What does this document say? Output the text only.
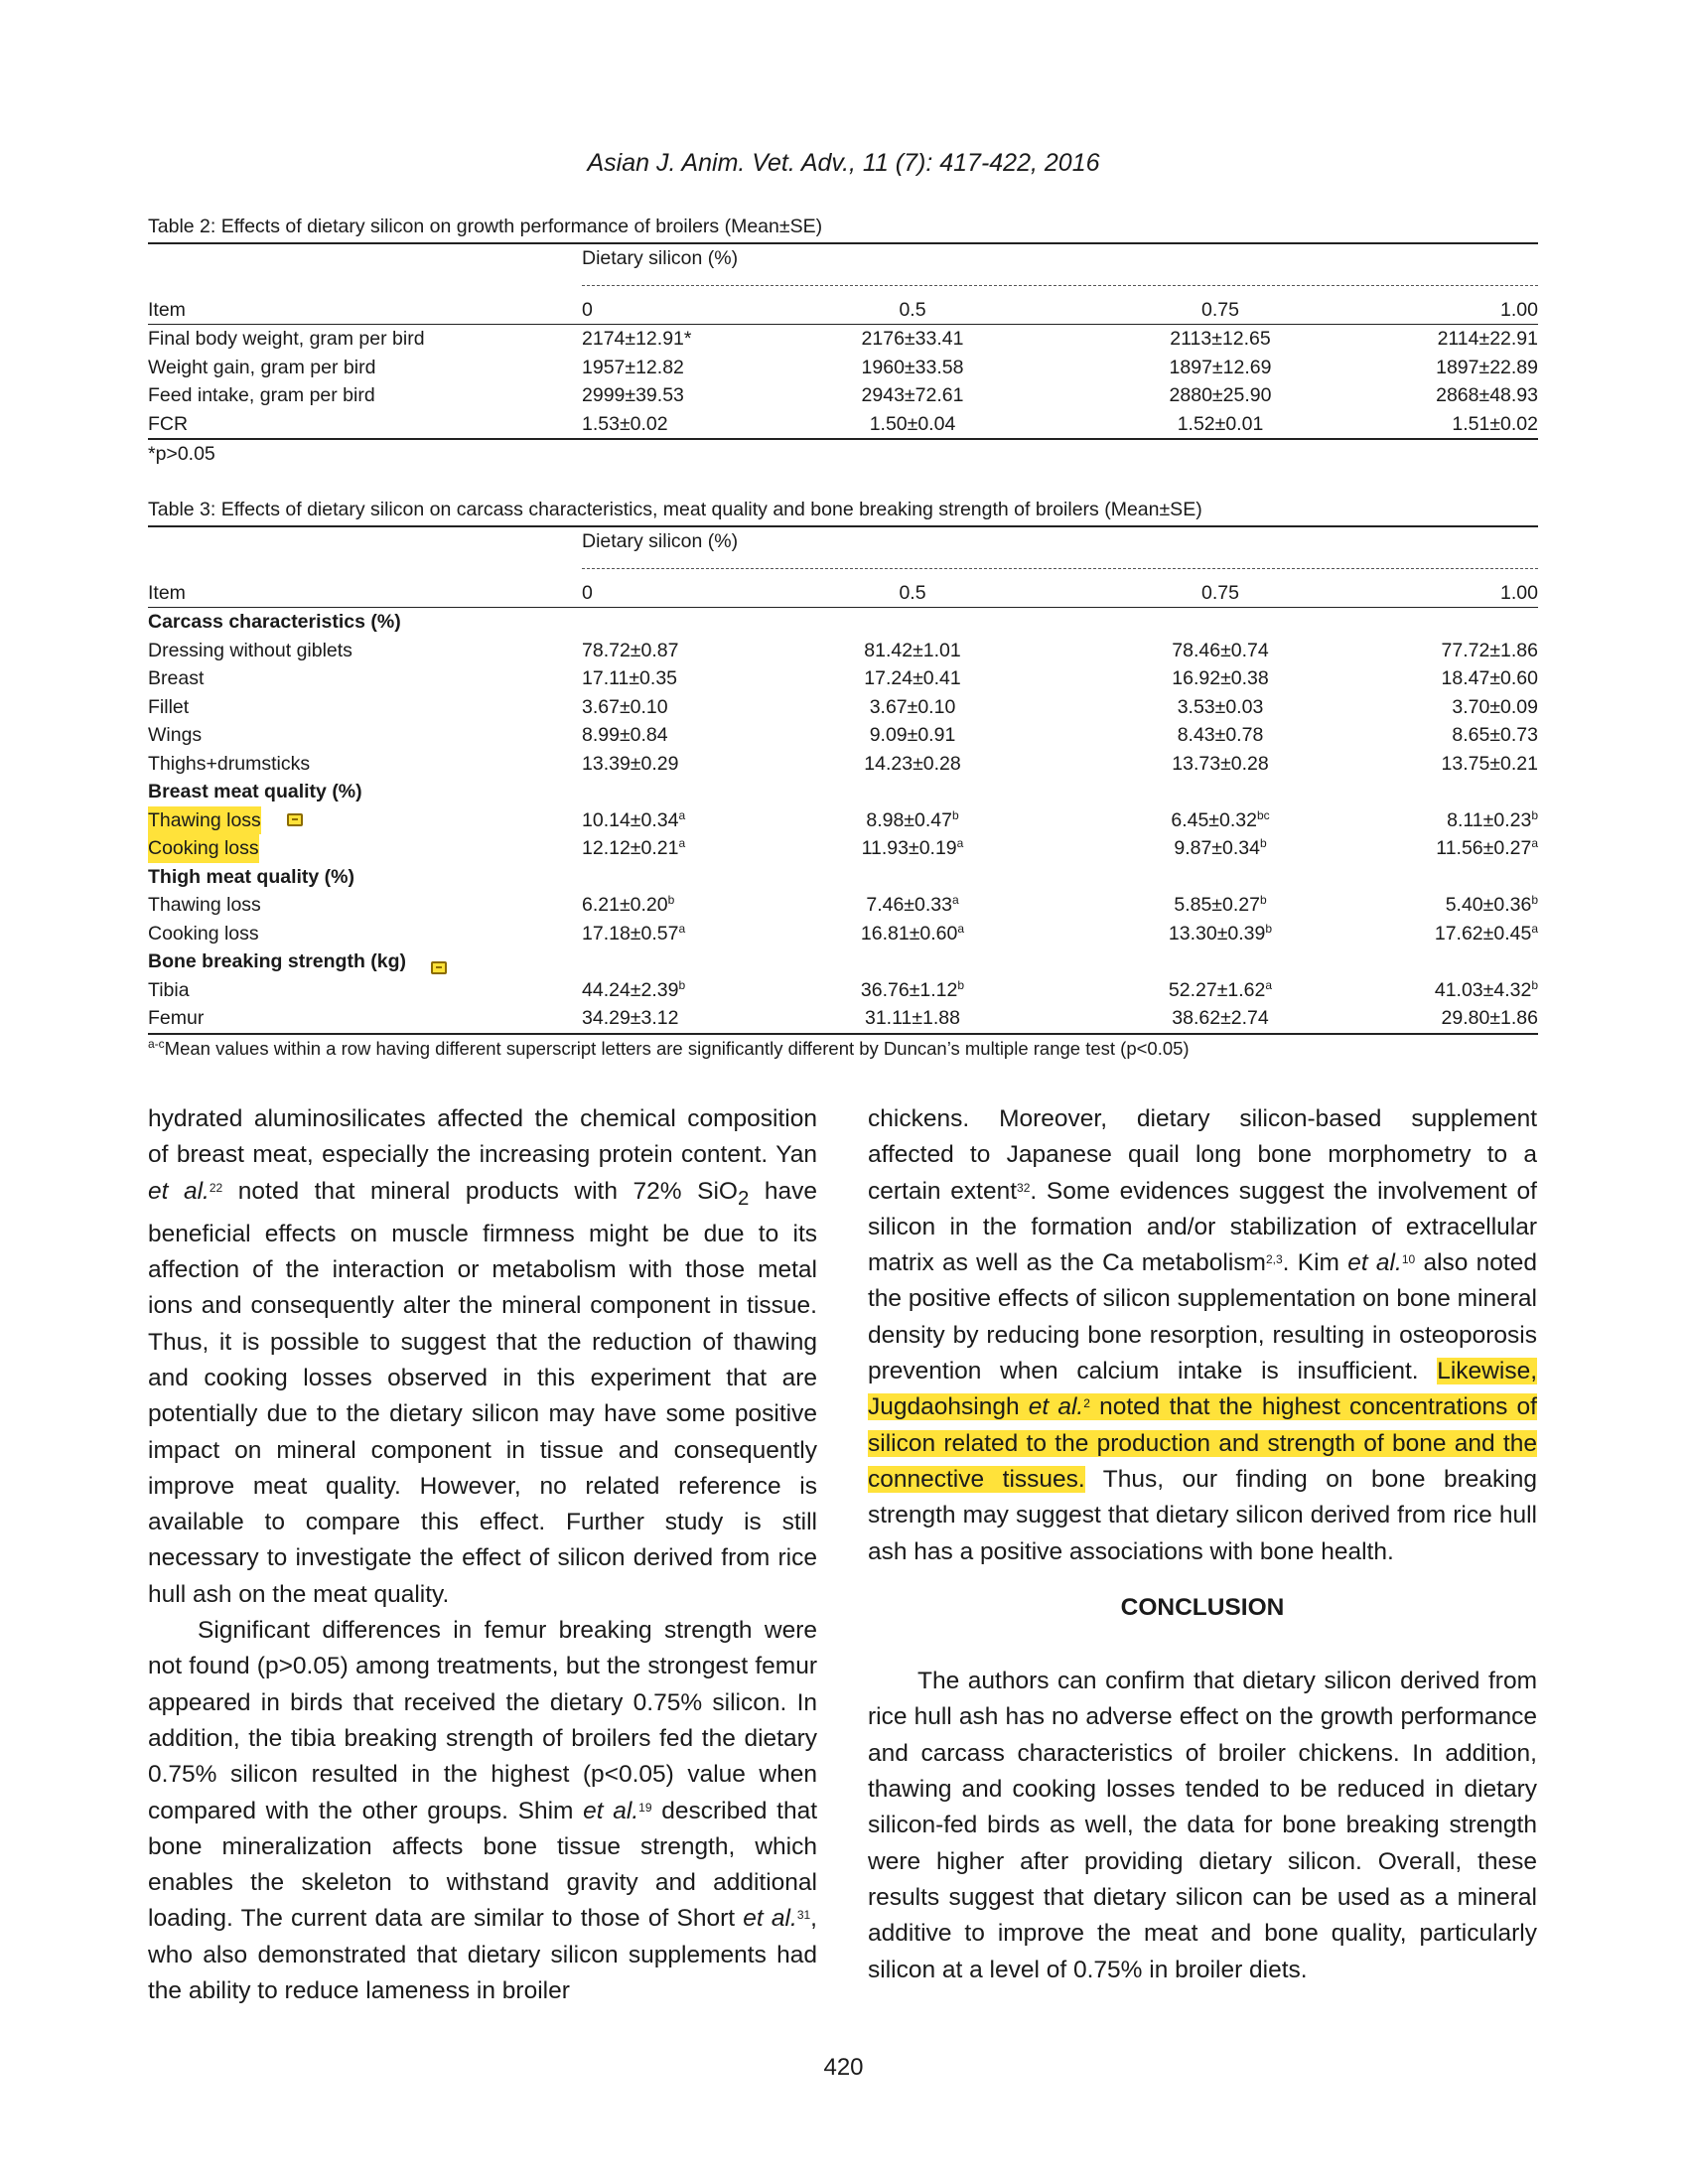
Asian J. Anim. Vet. Adv., 11 (7): 417-422, 2016
Table 2: Effects of dietary silicon on growth performance of broilers (Mean±SE)
Dietary silicon (%)
Item	0	0.5	0.75	1.00
Final body weight, gram per bird	2174±12.91*	2176±33.41	2113±12.65	2114±22.91
Weight gain, gram per bird	1957±12.82	1960±33.58	1897±12.69	1897±22.89
Feed intake, gram per bird	2999±39.53	2943±72.61	2880±25.90	2868±48.93
FCR	1.53±0.02	1.50±0.04	1.52±0.01	1.51±0.02
*p>0.05
Table 3: Effects of dietary silicon on carcass characteristics, meat quality and bone breaking strength of broilers (Mean±SE)
Dietary silicon (%)
Item	0	0.5	0.75	1.00
Carcass characteristics (%)
Dressing without giblets	78.72±0.87	81.42±1.01	78.46±0.74	77.72±1.86
Breast	17.11±0.35	17.24±0.41	16.92±0.38	18.47±0.60
Fillet	3.67±0.10	3.67±0.10	3.53±0.03	3.70±0.09
Wings	8.99±0.84	9.09±0.91	8.43±0.78	8.65±0.73
Thighs+drumsticks	13.39±0.29	14.23±0.28	13.73±0.28	13.75±0.21
Breast meat quality (%)
Thawing loss	10.14±0.34$^a$	8.98±0.47$^b$	6.45±0.32$^{bc}$	8.11±0.23$^b$
Cooking loss	12.12±0.21$^a$	11.93±0.19$^a$	9.87±0.34$^b$	11.56±0.27$^a$
Thigh meat quality (%)
Thawing loss	6.21±0.20$^b$	7.46±0.33$^a$	5.85±0.27$^b$	5.40±0.36$^b$
Cooking loss	17.18±0.57$^a$	16.81±0.60$^a$	13.30±0.39$^b$	17.62±0.45$^a$
Bone breaking strength (kg)
Tibia	44.24±2.39$^b$	36.76±1.12$^b$	52.27±1.62$^a$	41.03±4.32$^b$
Femur	34.29±3.12	31.11±1.88	38.62±2.74	29.80±1.86
$^{a-c}$Mean values within a row having different superscript letters are significantly different by Duncan’s multiple range test (p<0.05)

hydrated aluminosilicates affected the chemical composition of breast meat, especially the increasing protein content. Yan et al.$^{22}$ noted that mineral products with 72% SiO$_2$ have beneficial effects on muscle firmness might be due to its affection of the interaction or metabolism with those metal ions and consequently alter the mineral component in tissue. Thus, it is possible to suggest that the reduction of thawing and cooking losses observed in this experiment that are potentially due to the dietary silicon may have some positive impact on mineral component in tissue and consequently improve meat quality. However, no related reference is available to compare this effect. Further study is still necessary to investigate the effect of silicon derived from rice hull ash on the meat quality.

Significant differences in femur breaking strength were not found (p>0.05) among treatments, but the strongest femur appeared in birds that received the dietary 0.75% silicon. In addition, the tibia breaking strength of broilers fed the dietary 0.75% silicon resulted in the highest (p<0.05) value when compared with the other groups. Shim et al.$^{19}$ described that bone mineralization affects bone tissue strength, which enables the skeleton to withstand gravity and additional loading. The current data are similar to those of Short et al.$^{31}$, who also demonstrated that dietary silicon supplements had the ability to reduce lameness in broiler

chickens. Moreover, dietary silicon-based supplement affected to Japanese quail long bone morphometry to a certain extent$^{32}$. Some evidences suggest the involvement of silicon in the formation and/or stabilization of extracellular matrix as well as the Ca metabolism$^{2,3}$. Kim et al.$^{10}$ also noted the positive effects of silicon supplementation on bone mineral density by reducing bone resorption, resulting in osteoporosis prevention when calcium intake is insufficient. Likewise, Jugdaohsingh et al.$^2$ noted that the highest concentrations of silicon related to the production and strength of bone and the connective tissues. Thus, our finding on bone breaking strength may suggest that dietary silicon derived from rice hull ash has a positive associations with bone health.

CONCLUSION

The authors can confirm that dietary silicon derived from rice hull ash has no adverse effect on the growth performance and carcass characteristics of broiler chickens. In addition, thawing and cooking losses tended to be reduced in dietary silicon-fed birds as well, the data for bone breaking strength were higher after providing dietary silicon. Overall, these results suggest that dietary silicon can be used as a mineral additive to improve the meat and bone quality, particularly silicon at a level of 0.75% in broiler diets.

420
